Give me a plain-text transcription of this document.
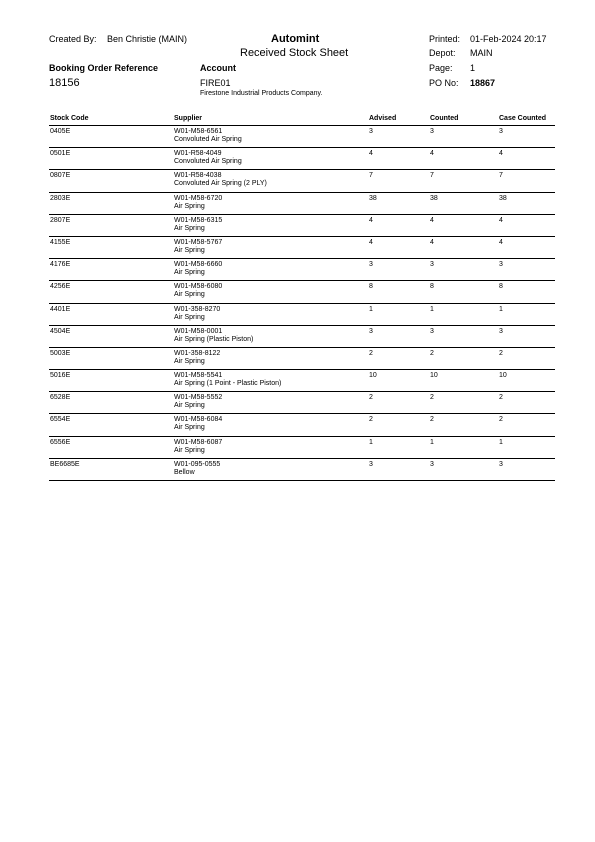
Created By: Ben Christie (MAIN)	Automint
Received Stock Sheet
Printed: 01-Feb-2024 20:17
Depot: MAIN
Booking Order Reference	Account	Page: 1
18156	FIRE01	PO No: 18867
Firestone Industrial Products Company.
Stock Code	Supplier	Advised	Counted	Case Counted
0405E	W01-M58-6561	3	3	3
Convoluted Air Spring
0501E	W01-R58-4049	4	4	4
Convoluted Air Spring
0807E	W01-R58-4038	7	7	7
Convoluted Air Spring (2 PLY)
2803E	W01-M58-6720	38	38	38
Air Spring
2807E	W01-M58-6315	4	4	4
Air Spring
4155E	W01-M58-5767	4	4	4
Air Spring
4176E	W01-M58-6660	3	3	3
Air Spring
4256E	W01-M58-6080	8	8	8
Air Spring
4401E	W01-358-8270	1	1	1
Air Spring
4504E	W01-M58-0001	3	3	3
Air Spring (Plastic Piston)
5003E	W01-358-8122	2	2	2
Air Spring
5016E	W01-M58-5541	10	10	10
Air Spring (1 Point - Plastic Piston)
6528E	W01-M58-5552	2	2	2
Air Spring
6554E	W01-M58-6084	2	2	2
Air Spring
6556E	W01-M58-6087	1	1	1
Air Spring
BE6685E	W01-095-0555	3	3	3
Bellow
